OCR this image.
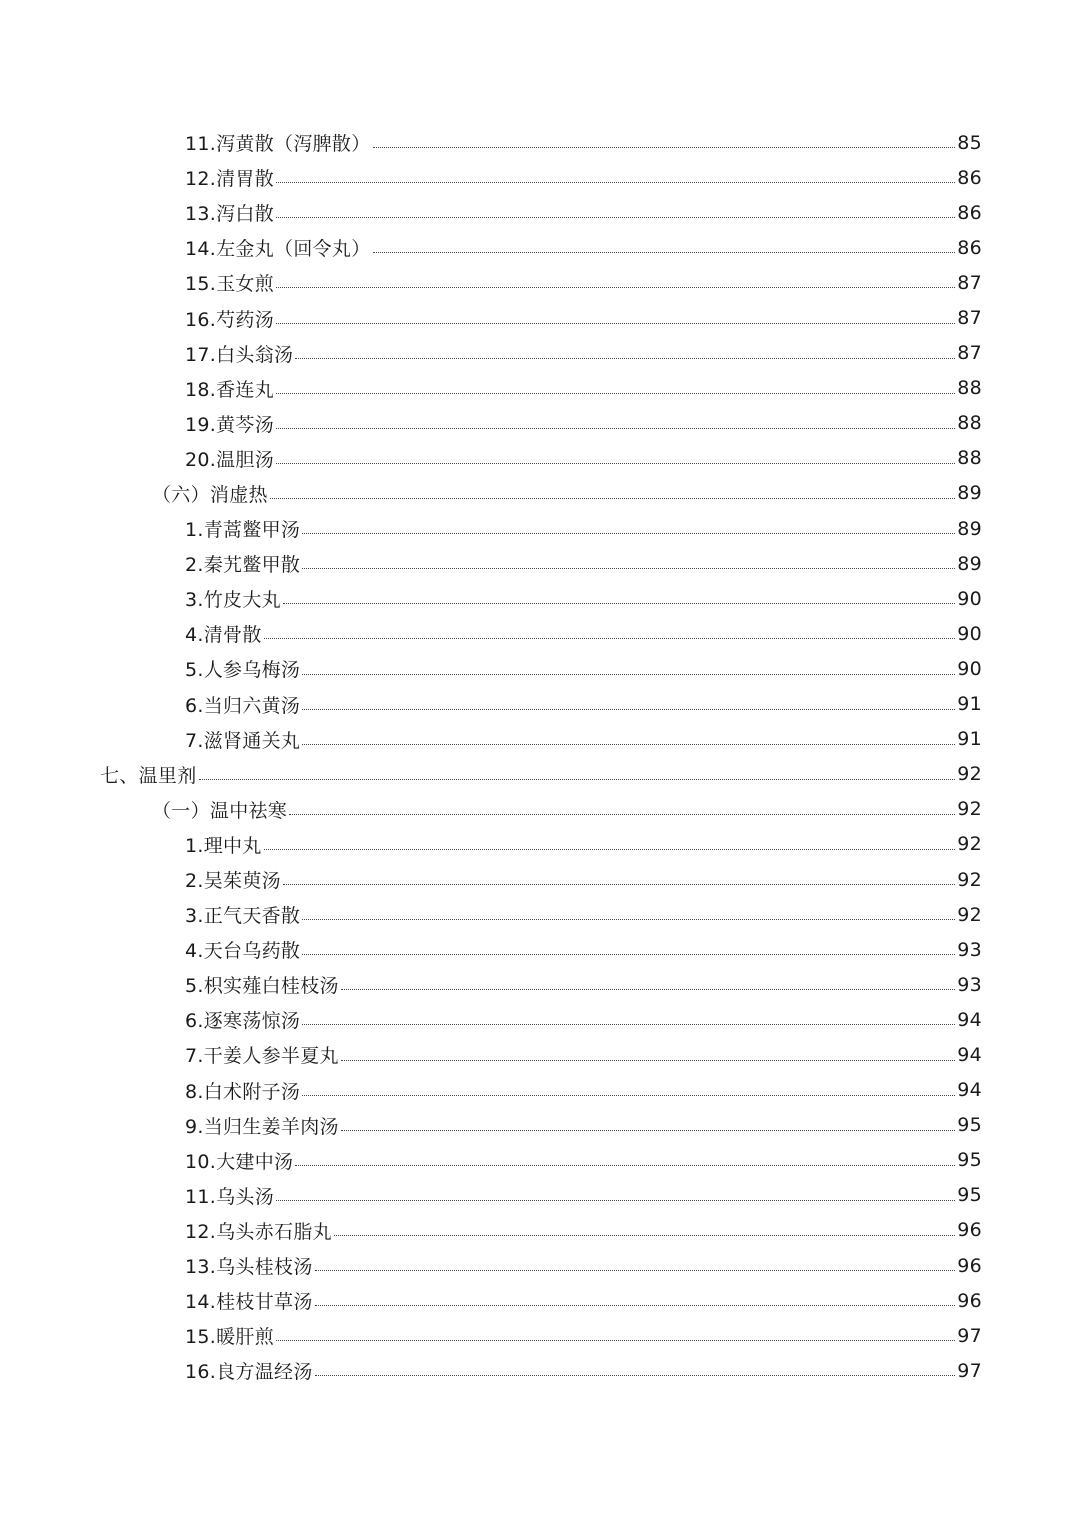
11.泻黄散（泻脾散）	85
12.清胃散	86
13.泻白散	86
14.左金丸（回令丸）	86
15.玉女煎	87
16.芍药汤	87
17.白头翁汤	87
18.香连丸	88
19.黄芩汤	88
20.温胆汤	88
（六）消虚热	89
1.青蒿鳖甲汤	89
2.秦艽鳖甲散	89
3.竹皮大丸	90
4.清骨散	90
5.人参乌梅汤	90
6.当归六黄汤	91
7.滋肾通关丸	91
七、温里剂	92
（一）温中祛寒	92
1.理中丸	92
2.吴茱萸汤	92
3.正气天香散	92
4.天台乌药散	93
5.枳实薤白桂枝汤	93
6.逐寒荡惊汤	94
7.干姜人参半夏丸	94
8.白术附子汤	94
9.当归生姜羊肉汤	95
10.大建中汤	95
11.乌头汤	95
12.乌头赤石脂丸	96
13.乌头桂枝汤	96
14.桂枝甘草汤	96
15.暖肝煎	97
16.良方温经汤	97
